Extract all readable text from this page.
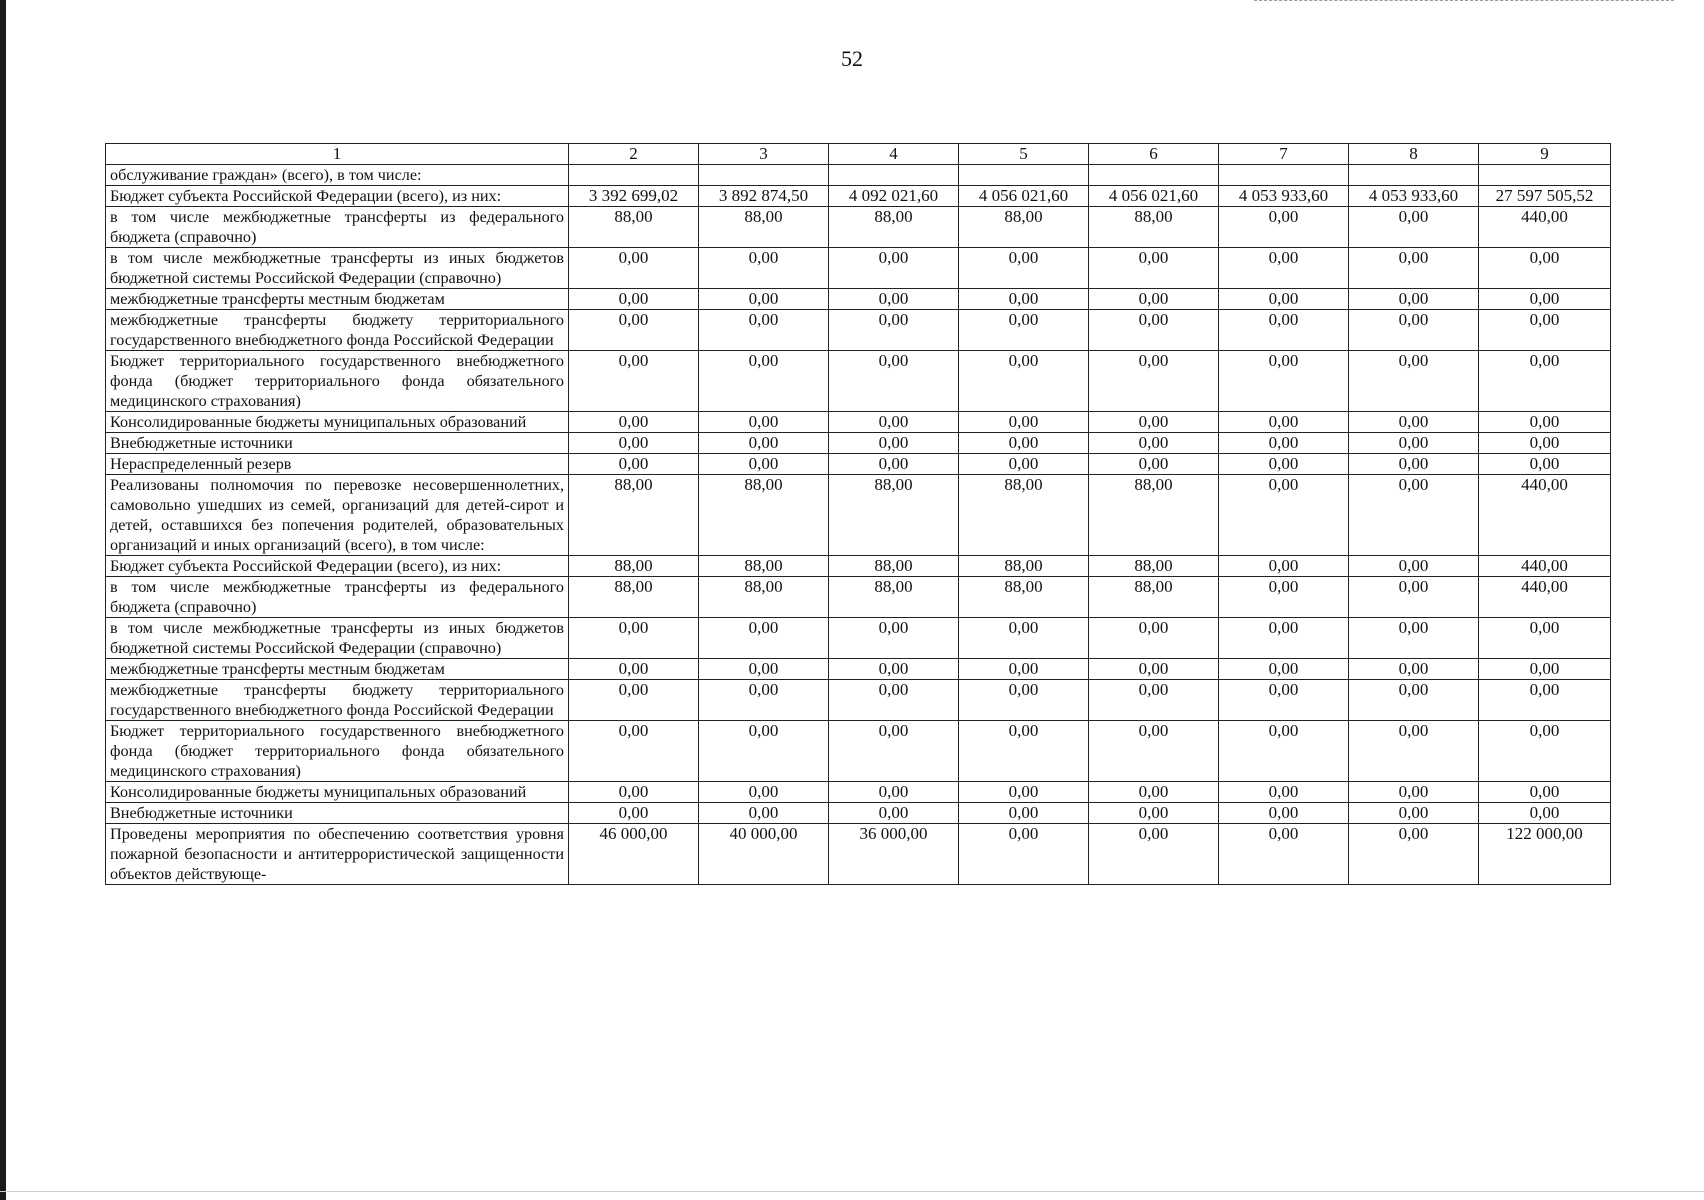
52
1	2	3	4	5	6	7	8	9
обслуживание граждан» (всего), в том числе:								
Бюджет субъекта Российской Федерации (всего), из них:	3 392 699,02	3 892 874,50	4 092 021,60	4 056 021,60	4 056 021,60	4 053 933,60	4 053 933,60	27 597 505,52
в том числе межбюджетные трансферты из федерального бюджета (справочно)	88,00	88,00	88,00	88,00	88,00	0,00	0,00	440,00
в том числе межбюджетные трансферты из иных бюджетов бюджетной системы Российской Федерации (справочно)	0,00	0,00	0,00	0,00	0,00	0,00	0,00	0,00
межбюджетные трансферты местным бюджетам	0,00	0,00	0,00	0,00	0,00	0,00	0,00	0,00
межбюджетные трансферты бюджету территориального государственного внебюджетного фонда Российской Федерации	0,00	0,00	0,00	0,00	0,00	0,00	0,00	0,00
Бюджет территориального государственного внебюджетного фонда (бюджет территориального фонда обязательного медицинского страхования)	0,00	0,00	0,00	0,00	0,00	0,00	0,00	0,00
Консолидированные бюджеты муниципальных образований	0,00	0,00	0,00	0,00	0,00	0,00	0,00	0,00
Внебюджетные источники	0,00	0,00	0,00	0,00	0,00	0,00	0,00	0,00
Нераспределенный резерв	0,00	0,00	0,00	0,00	0,00	0,00	0,00	0,00
Реализованы полномочия по перевозке несовершеннолетних, самовольно ушедших из семей, организаций для детей-сирот и детей, оставшихся без попечения родителей, образовательных организаций и иных организаций (всего), в том числе:	88,00	88,00	88,00	88,00	88,00	0,00	0,00	440,00
Бюджет субъекта Российской Федерации (всего), из них:	88,00	88,00	88,00	88,00	88,00	0,00	0,00	440,00
в том числе межбюджетные трансферты из федерального бюджета (справочно)	88,00	88,00	88,00	88,00	88,00	0,00	0,00	440,00
в том числе межбюджетные трансферты из иных бюджетов бюджетной системы Российской Федерации (справочно)	0,00	0,00	0,00	0,00	0,00	0,00	0,00	0,00
межбюджетные трансферты местным бюджетам	0,00	0,00	0,00	0,00	0,00	0,00	0,00	0,00
межбюджетные трансферты бюджету территориального государственного внебюджетного фонда Российской Федерации	0,00	0,00	0,00	0,00	0,00	0,00	0,00	0,00
Бюджет территориального государственного внебюджетного фонда (бюджет территориального фонда обязательного медицинского страхования)	0,00	0,00	0,00	0,00	0,00	0,00	0,00	0,00
Консолидированные бюджеты муниципальных образований	0,00	0,00	0,00	0,00	0,00	0,00	0,00	0,00
Внебюджетные источники	0,00	0,00	0,00	0,00	0,00	0,00	0,00	0,00
Проведены мероприятия по обеспечению соответствия уровня пожарной безопасности и антитеррористической защищенности объектов действующе-	46 000,00	40 000,00	36 000,00	0,00	0,00	0,00	0,00	122 000,00
